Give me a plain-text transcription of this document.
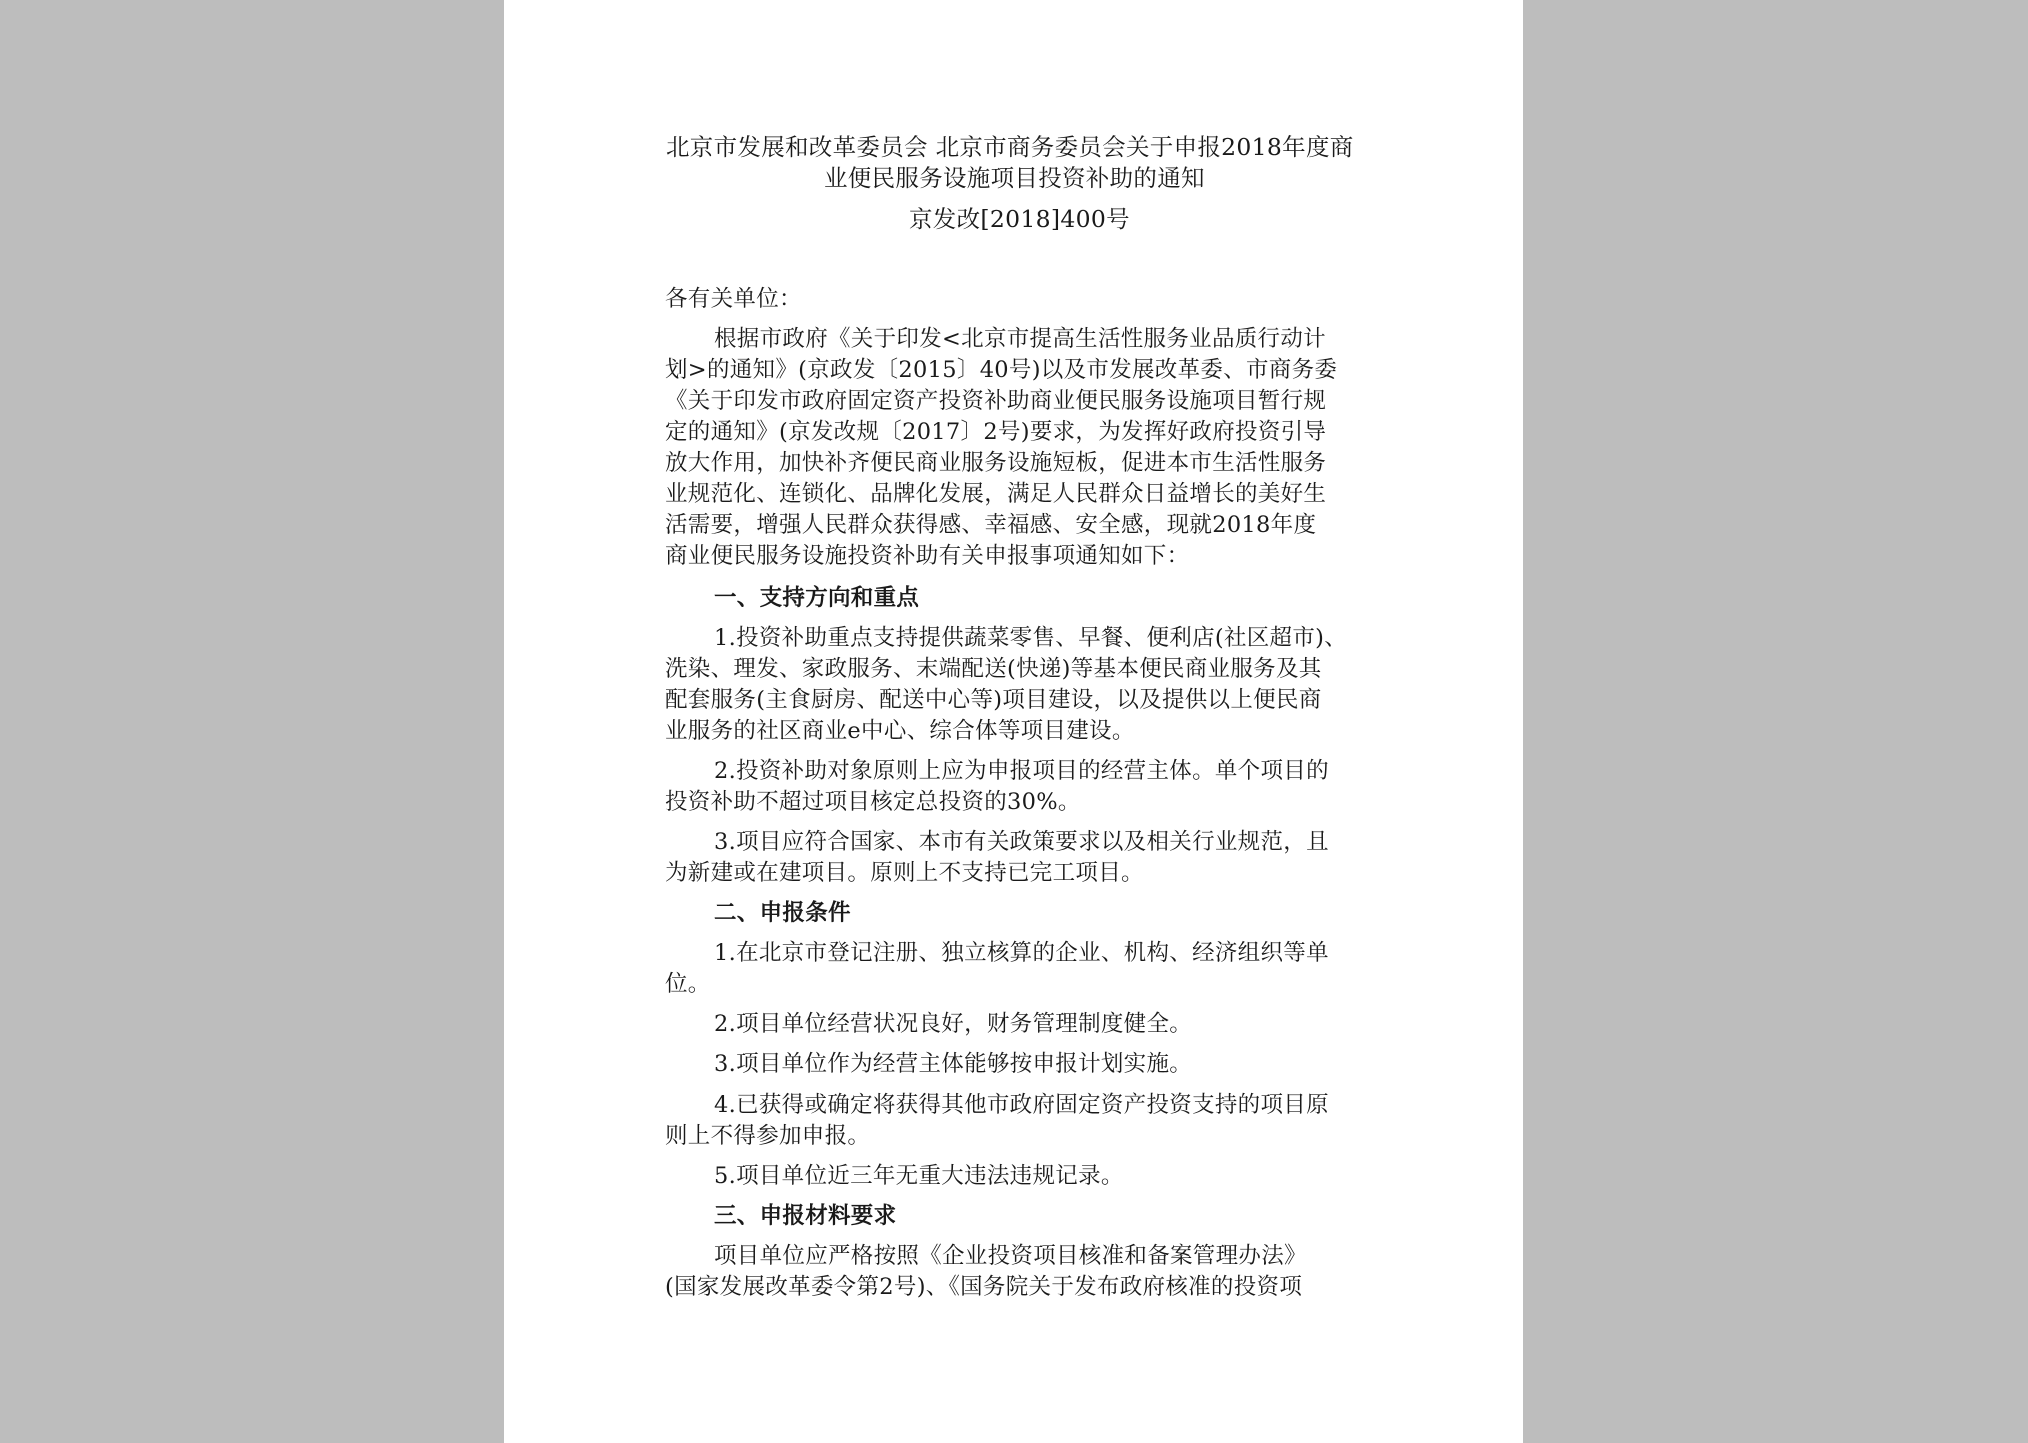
北京市发展和改革委员会 北京市商务委员会关于申报2018年度商
业便民服务设施项目投资补助的通知
京发改[2018]400号
各有关单位：
根据市政府《关于印发<北京市提高生活性服务业品质行动计
划>的通知》(京政发〔2015〕40号)以及市发展改革委、市商务委
《关于印发市政府固定资产投资补助商业便民服务设施项目暂行规
定的通知》(京发改规〔2017〕2号)要求，为发挥好政府投资引导
放大作用，加快补齐便民商业服务设施短板，促进本市生活性服务
业规范化、连锁化、品牌化发展，满足人民群众日益增长的美好生
活需要，增强人民群众获得感、幸福感、安全感，现就2018年度
商业便民服务设施投资补助有关申报事项通知如下：
一、支持方向和重点
1.投资补助重点支持提供蔬菜零售、早餐、便利店(社区超市)、
洗染、理发、家政服务、末端配送(快递)等基本便民商业服务及其
配套服务(主食厨房、配送中心等)项目建设，以及提供以上便民商
业服务的社区商业e中心、综合体等项目建设。
2.投资补助对象原则上应为申报项目的经营主体。单个项目的
投资补助不超过项目核定总投资的30%。
3.项目应符合国家、本市有关政策要求以及相关行业规范，且
为新建或在建项目。原则上不支持已完工项目。
二、申报条件
1.在北京市登记注册、独立核算的企业、机构、经济组织等单
位。
2.项目单位经营状况良好，财务管理制度健全。
3.项目单位作为经营主体能够按申报计划实施。
4.已获得或确定将获得其他市政府固定资产投资支持的项目原
则上不得参加申报。
5.项目单位近三年无重大违法违规记录。
三、申报材料要求
项目单位应严格按照《企业投资项目核准和备案管理办法》
(国家发展改革委令第2号)、《国务院关于发布政府核准的投资项
